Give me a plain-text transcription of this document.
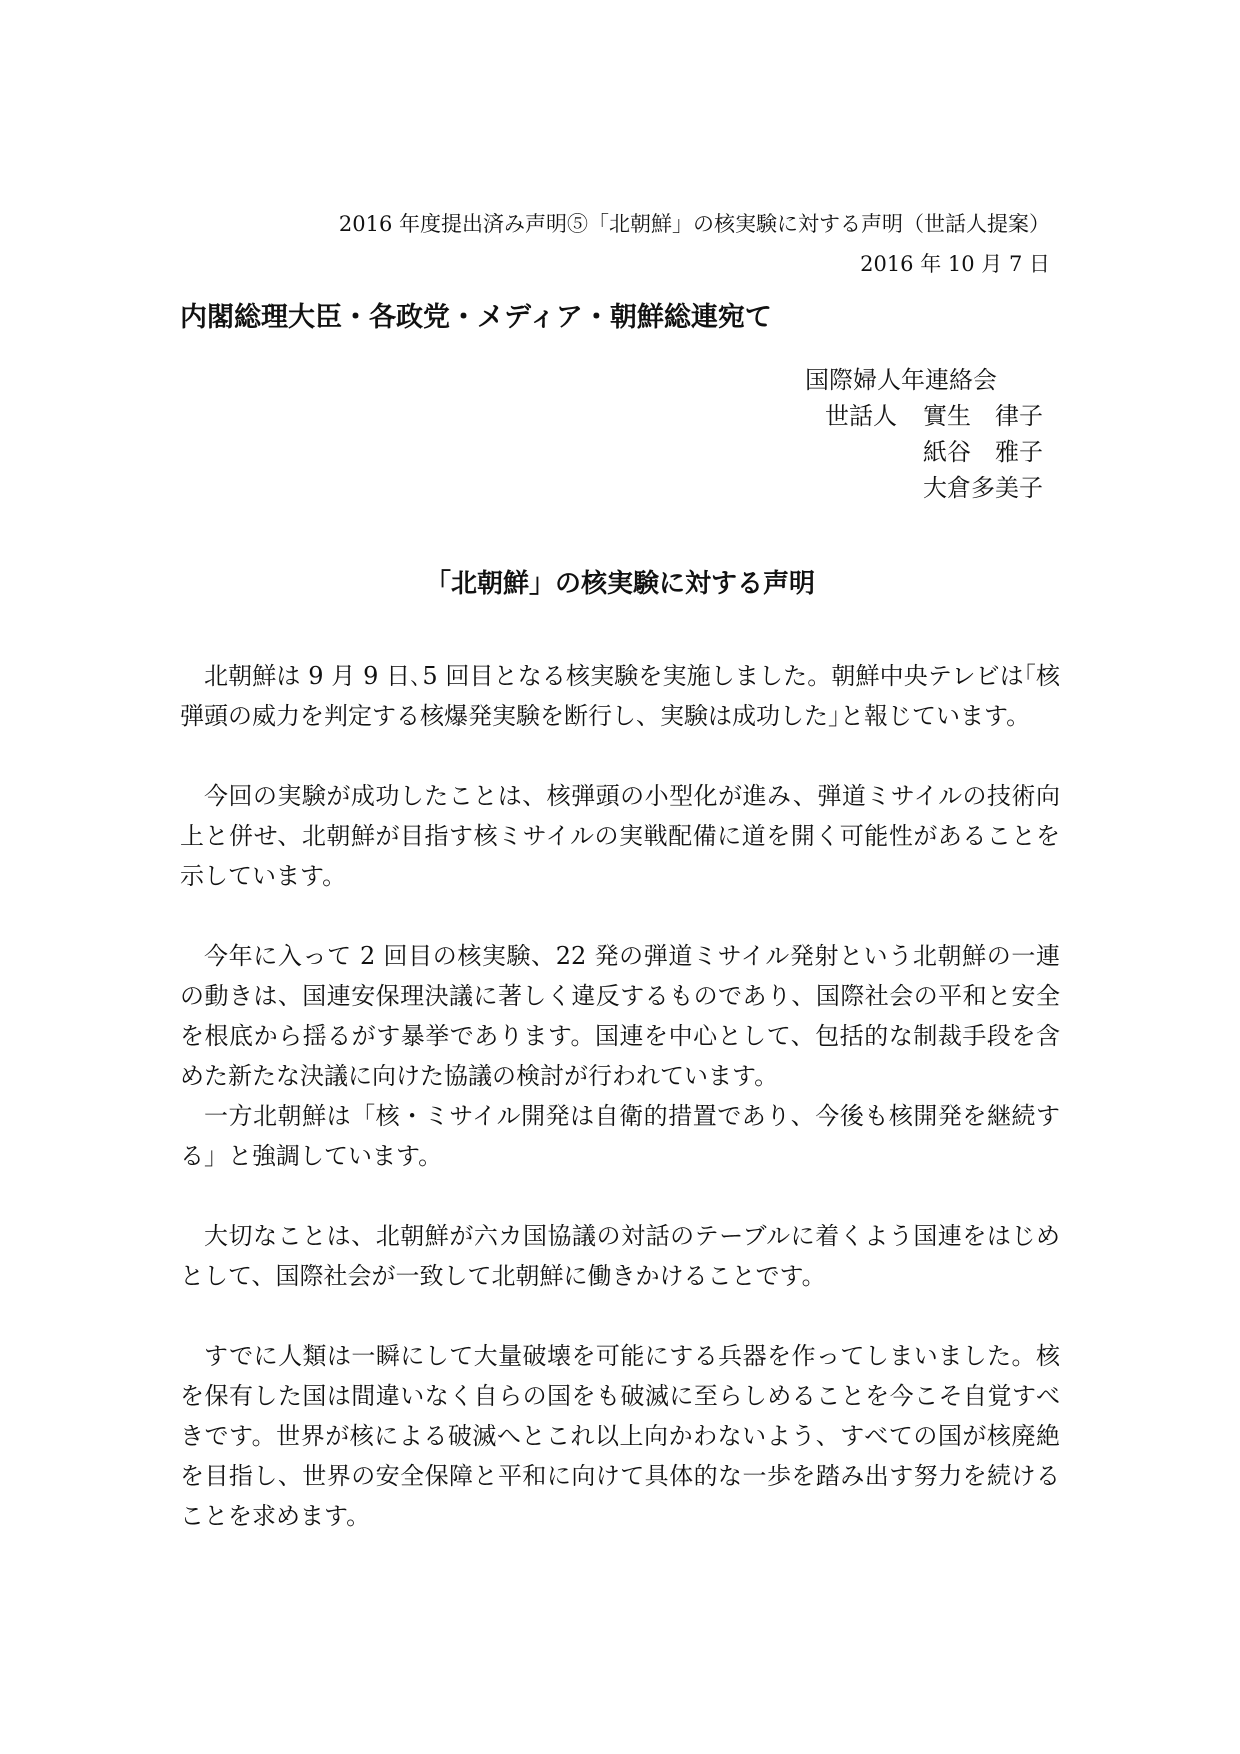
2016 年度提出済み声明⑤「北朝鮮」の核実験に対する声明（世話人提案）
2016 年 10 月 7 日
内閣総理大臣・各政党・メディア・朝鮮総連宛て
国際婦人年連絡会
世話人 實生　律子
紙谷　雅子
大倉多美子
「北朝鮮」の核実験に対する声明

北朝鮮は 9 月 9 日､5 回目となる核実験を実施しました。朝鮮中央テレビは｢核弾頭の威力を判定する核爆発実験を断行し、実験は成功した｣と報じています。

今回の実験が成功したことは、核弾頭の小型化が進み、弾道ミサイルの技術向上と併せ、北朝鮮が目指す核ミサイルの実戦配備に道を開く可能性があることを示しています。

今年に入って 2 回目の核実験、22 発の弾道ミサイル発射という北朝鮮の一連の動きは、国連安保理決議に著しく違反するものであり、国際社会の平和と安全を根底から揺るがす暴挙であります。国連を中心として、包括的な制裁手段を含めた新たな決議に向けた協議の検討が行われています。

一方北朝鮮は「核・ミサイル開発は自衛的措置であり、今後も核開発を継続する」と強調しています。

大切なことは、北朝鮮が六カ国協議の対話のテーブルに着くよう国連をはじめとして、国際社会が一致して北朝鮮に働きかけることです。

すでに人類は一瞬にして大量破壊を可能にする兵器を作ってしまいました。核を保有した国は間違いなく自らの国をも破滅に至らしめることを今こそ自覚すべきです。世界が核による破滅へとこれ以上向かわないよう、すべての国が核廃絶を目指し、世界の安全保障と平和に向けて具体的な一歩を踏み出す努力を続けることを求めます。
